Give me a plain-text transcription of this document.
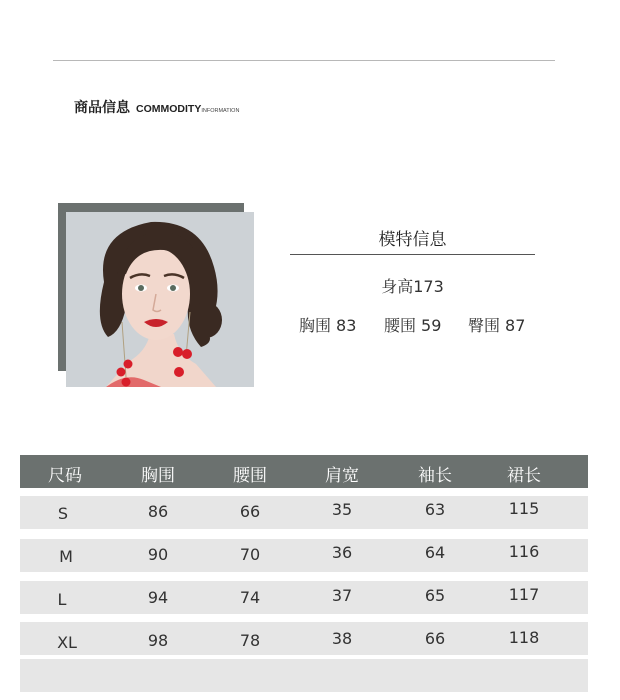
商品信息 COMMODITYINFORMATION
模特信息
身高173
胸围 83 腰围 59 臀围 87
尺码	胸围	腰围	肩宽	袖长	裙长
S	86	66	35	63	115
M	90	70	36	64	116
L	94	74	37	65	117
XL	98	78	38	66	118
